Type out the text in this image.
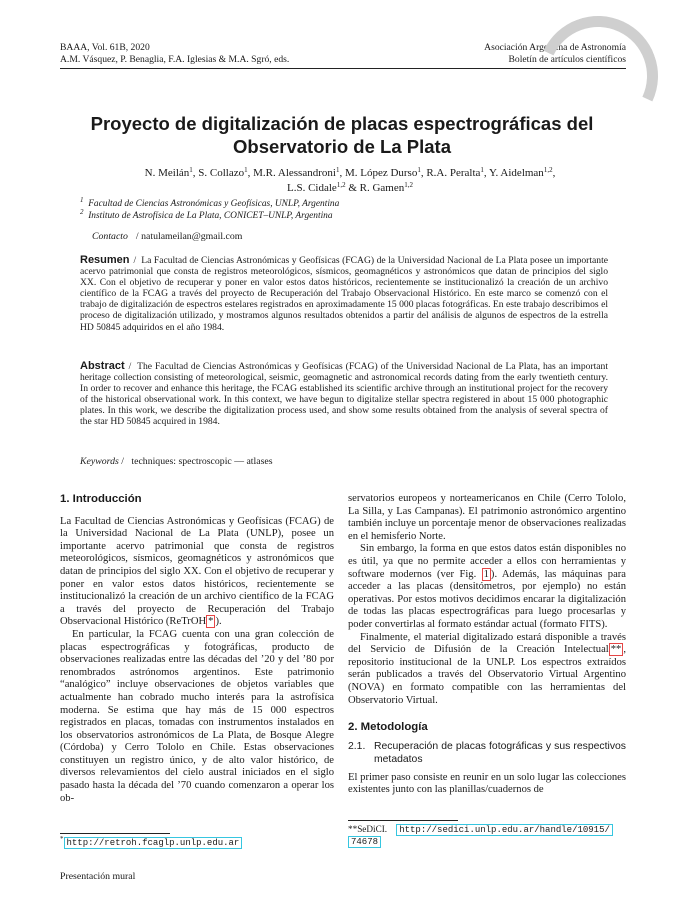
BAAA, Vol. 61B, 2020
A.M. Vásquez, P. Benaglia, F.A. Iglesias & M.A. Sgró, eds.
Asociación Argentina de Astronomía
Boletín de artículos científicos
Proyecto de digitalización de placas espectrográficas del
Observatorio de La Plata
N. Meilán$^1$, S. Collazo$^1$, M.R. Alessandroni$^1$, M. López Durso$^1$, R.A. Peralta$^1$, Y. Aidelman$^{1,2}$,
L.S. Cidale$^{1,2}$ & R. Gamen$^{1,2}$
$^1$ Facultad de Ciencias Astronómicas y Geofísicas, UNLP, Argentina
$^2$ Instituto de Astrofísica de La Plata, CONICET–UNLP, Argentina
Contacto / natulameilan@gmail.com
Resumen / La Facultad de Ciencias Astronómicas y Geofísicas (FCAG) de la Universidad Nacional de La Plata posee un importante acervo patrimonial que consta de registros meteorológicos, sísmicos, geomagnéticos y astronómicos que datan de principios del siglo XX. Con el objetivo de recuperar y poner en valor estos datos históricos, recientemente se institucionalizó la creación de un archivo científico de la FCAG a través del proyecto de Recuperación del Trabajo Observacional Histórico. En este marco se comenzó con el trabajo de digitalización de espectros estelares registrados en aproximadamente 15 000 placas fotográficas. En este trabajo describimos el proceso de digitalización utilizado, y mostramos algunos resultados obtenidos a partir del análisis de algunos de espectros de la estrella HD 50845 adquiridos en el año 1984.
Abstract / The Facultad de Ciencias Astronómicas y Geofísicas (FCAG) of the Universidad Nacional de La Plata, has an important heritage collection consisting of meteorological, seismic, geomagnetic and astronomical records dating from the early twentieth century. In order to recover and enhance this heritage, the FCAG established its scientific archive through an institutional project for the recovery of the historical observational work. In this context, we have begun to digitalize stellar spectra registered in about 15 000 photographic plates. In this work, we describe the digitalization process used, and show some results obtained from the analysis of several spectra of the star HD 50845 acquired in 1984.
Keywords / techniques: spectroscopic — atlases
1. Introducción

La Facultad de Ciencias Astronómicas y Geofísicas (FCAG) de la Universidad Nacional de La Plata (UNLP), posee un importante acervo patrimonial que consta de registros meteorológicos, sísmicos, geomagnéticos y astronómicos que datan de principios del siglo XX. Con el objetivo de recuperar y poner en valor estos datos históricos, recientemente se institucionalizó la creación de un archivo científico de la FCAG a través del proyecto de Recuperación del Trabajo Observacional Histórico (ReTrOH * ).

En particular, la FCAG cuenta con una gran colección de placas espectrográficas y fotográficas, producto de observaciones realizadas entre las décadas del ’20 y del ’80 por renombrados astrónomos argentinos. Este patrimonio “analógico” incluye observaciones de objetos variables que actualmente han cobrado mucho interés para la astrofísica moderna. Se estima que hay más de 15 000 espectros registrados en placas, tomadas con instrumentos instalados en los observatorios astronómicos de La Plata, de Bosque Alegre (Córdoba) y Cerro Tololo en Chile. Estas observaciones constituyen un registro único, y de alto valor histórico, de diversos relevamientos del cielo austral iniciados en el siglo pasado hasta la década del ’70 cuando comenzaron a operar los ob-

* http://retroh.fcaglp.unlp.edu.ar

servatorios europeos y norteamericanos en Chile (Cerro Tololo, La Silla, y Las Campanas). El patrimonio astronómico argentino también incluye un porcentaje menor de observaciones realizadas en el hemisferio Norte.

Sin embargo, la forma en que estos datos están disponibles no es útil, ya que no permite acceder a ellos con herramientas y software modernos (ver Fig. 1 ). Además, las máquinas para acceder a las placas (densitómetros, por ejemplo) no están operativas. Por estos motivos decidimos encarar la digitalización de todas las placas espectrográficas para luego procesarlas y poder convertirlas al formato estándar actual (formato FITS).

Finalmente, el material digitalizado estará disponible a través del Servicio de Difusión de la Creación Intelectual ** , repositorio institucional de la UNLP. Los espectros extraídos serán publicados a través del Observatorio Virtual Argentino (NOVA) en formato compatible con las herramientas del Observatorio Virtual.

2. Metodología
2.1. Recuperación de placas fotográficas y sus respectivos metadatos

El primer paso consiste en reunir en un solo lugar las colecciones existentes junto con las planillas/cuadernos de

**SeDiCI. http://sedici.unlp.edu.ar/handle/10915/
74678
Presentación mural
